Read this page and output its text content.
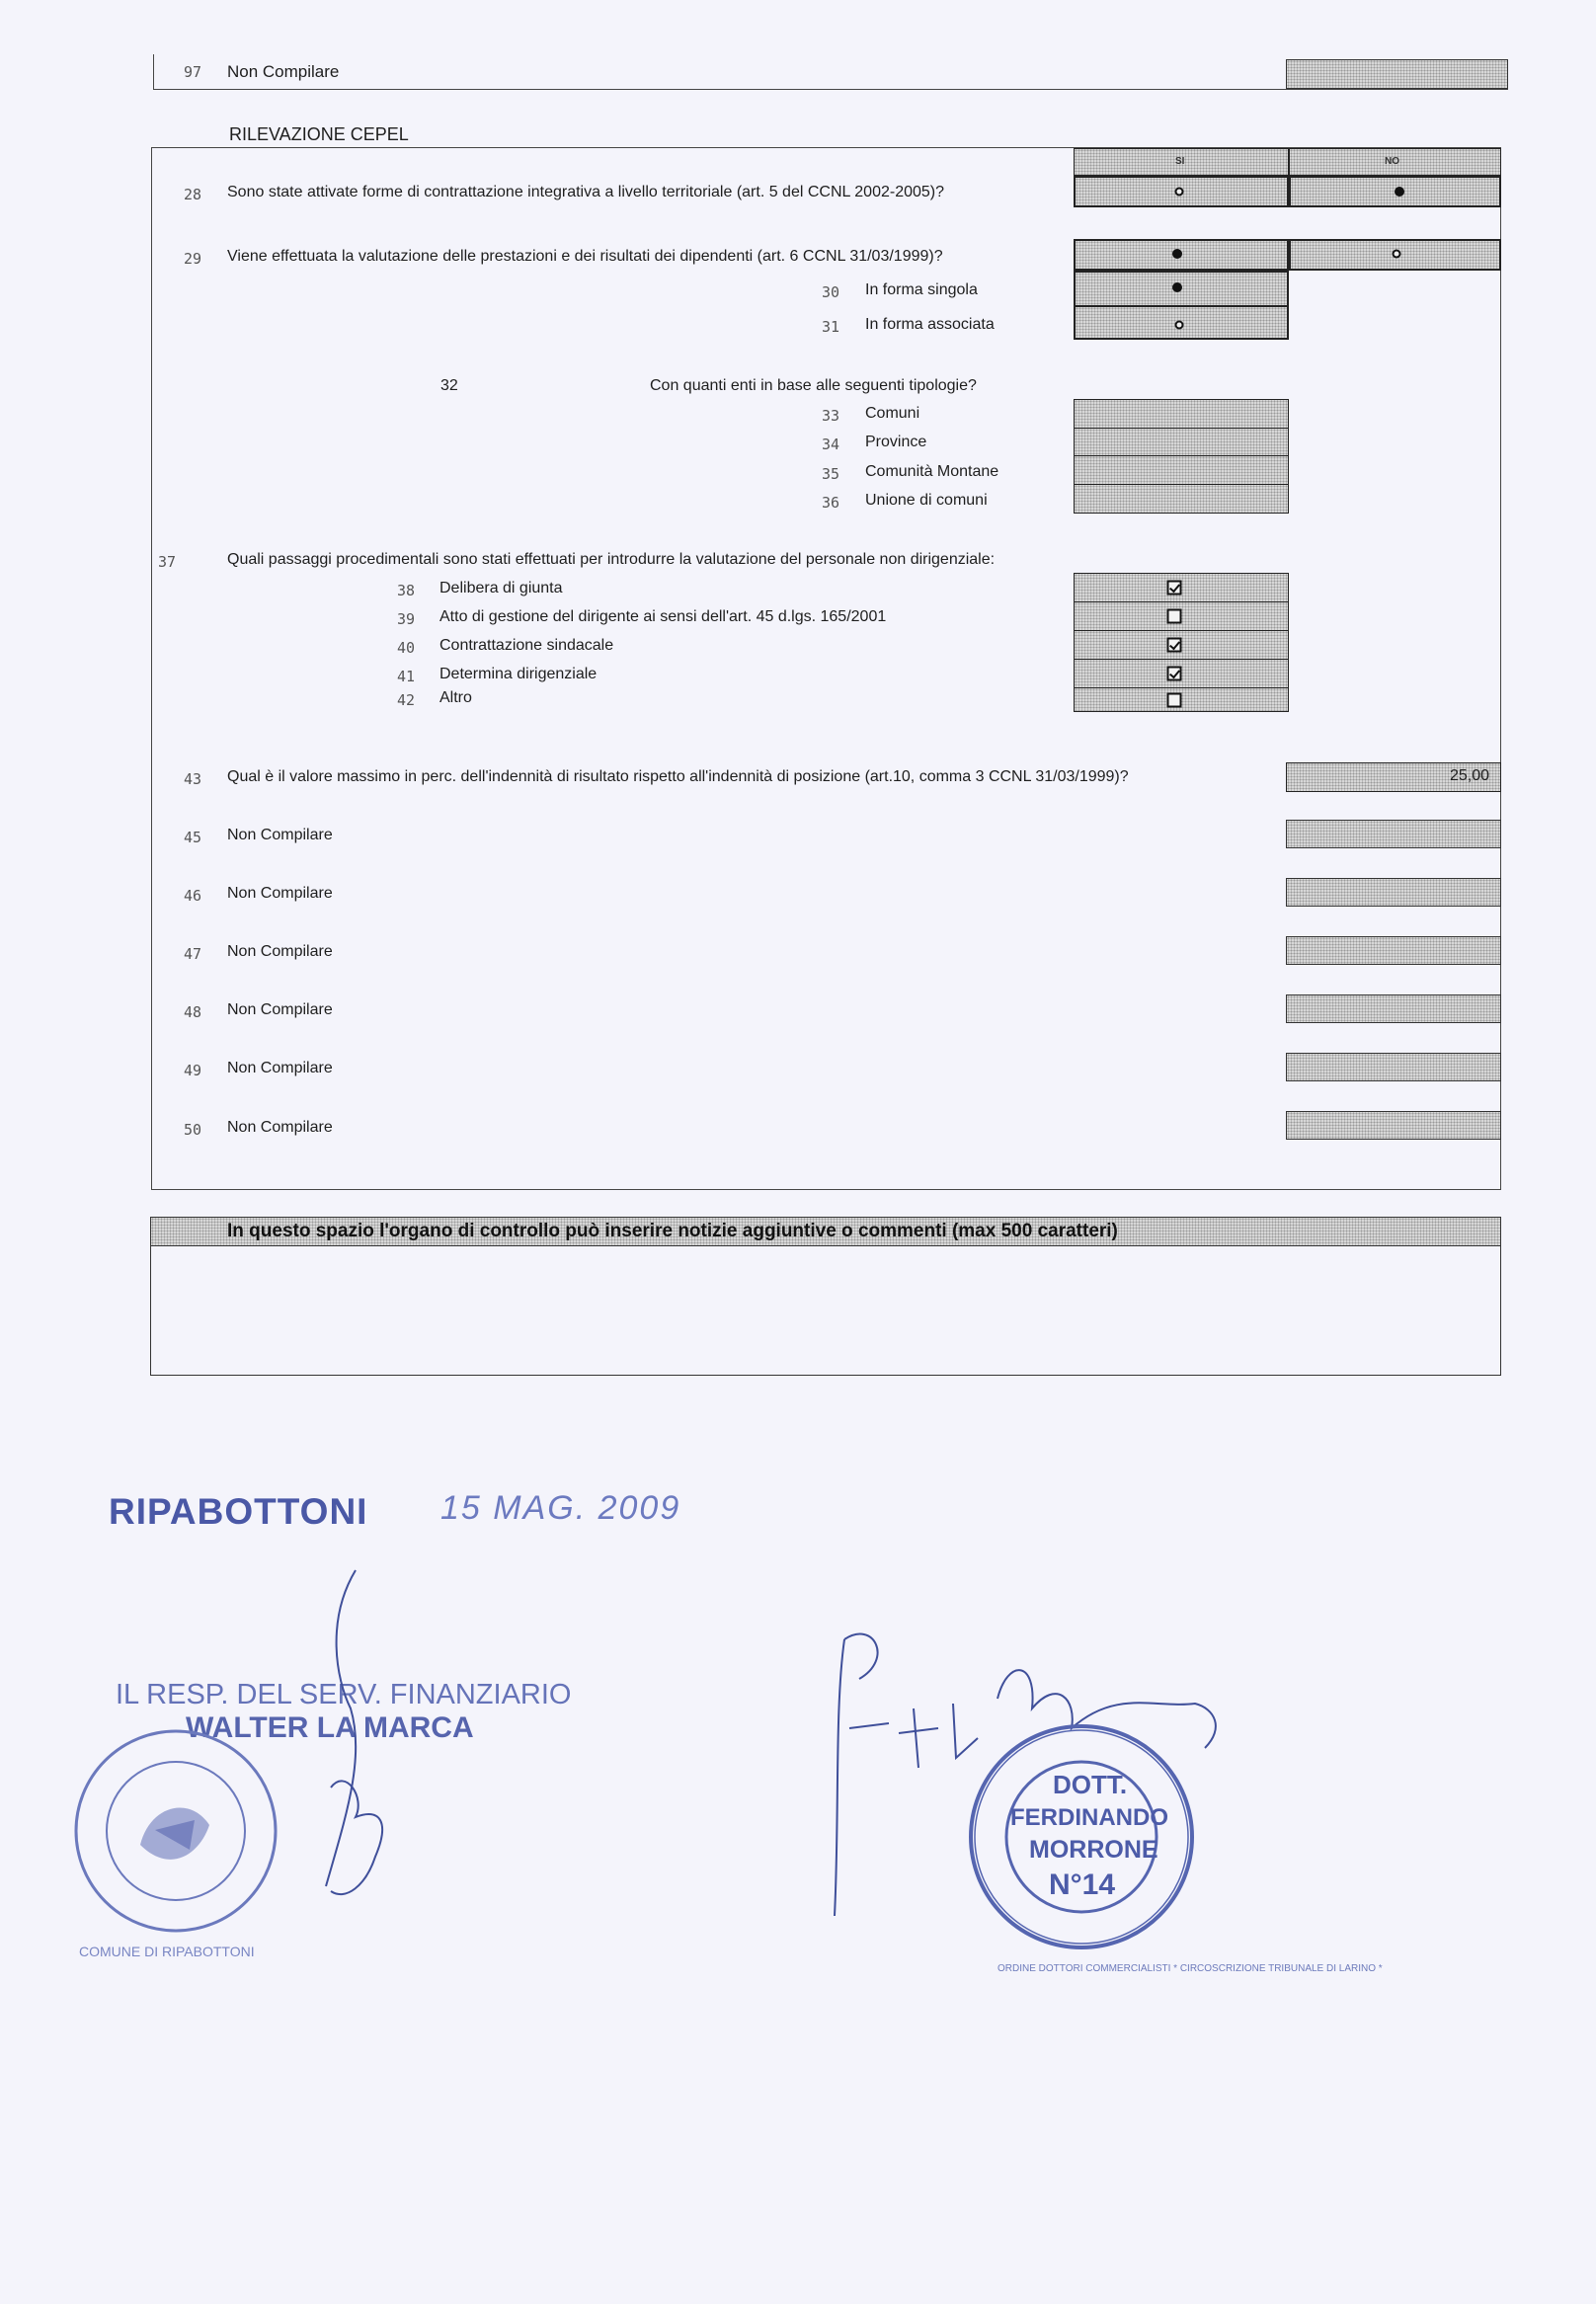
97 Non Compilare
RILEVAZIONE CEPEL
SI	NO
28 Sono state attivate forme di contrattazione integrativa a livello territoriale (art. 5 del CCNL 2002-2005)?
29 Viene effettuata la valutazione delle prestazioni e dei risultati dei dipendenti (art. 6 CCNL 31/03/1999)?
30 In forma singola
31 In forma associata
32	Con quanti enti in base alle seguenti tipologie?
33 Comuni
34 Province
35 Comunità Montane
36 Unione di comuni
37	Quali passaggi procedimentali sono stati effettuati per introdurre la valutazione del personale non dirigenziale:
38 Delibera di giunta
39 Atto di gestione del dirigente ai sensi dell'art. 45 d.lgs. 165/2001
40 Contrattazione sindacale
41 Determina dirigenziale
42 Altro
43 Qual è il valore massimo in perc. dell'indennità di risultato rispetto all'indennità di posizione (art.10, comma 3 CCNL 31/03/1999)?	25,00
45 Non Compilare
46 Non Compilare
47 Non Compilare
48 Non Compilare
49 Non Compilare
50 Non Compilare
In questo spazio l'organo di controllo può inserire notizie aggiuntive o commenti (max 500 caratteri)
RIPABOTTONI 15 MAG. 2009
IL RESP. DEL SERV. FINANZIARIO
WALTER LA MARCA
COMUNE DI RIPABOTTONI
ORDINE DOTTORI COMMERCIALISTI * CIRCOSCRIZIONE TRIBUNALE DI LARINO *
DOTT.
FERDINANDO
MORRONE
N°14
